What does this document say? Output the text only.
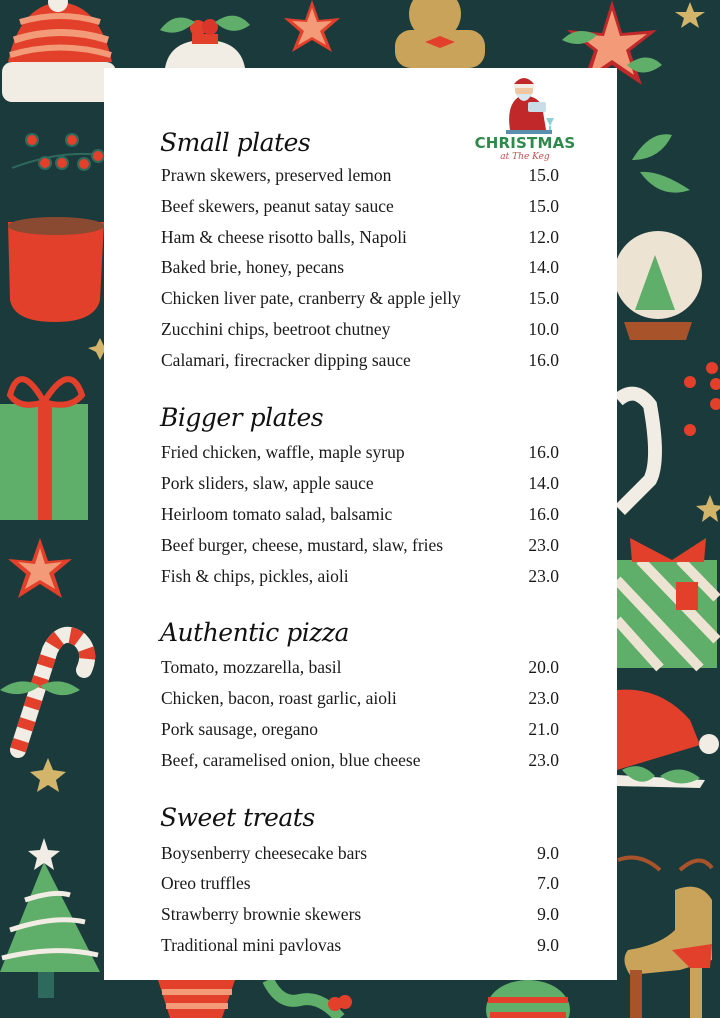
CHRISTMAS
at The Keg
Small plates
Prawn skewers, preserved lemon	15.0
Beef skewers, peanut satay sauce	15.0
Ham & cheese risotto balls, Napoli	12.0
Baked brie, honey, pecans	14.0
Chicken liver pate, cranberry & apple jelly	15.0
Zucchini chips, beetroot chutney	10.0
Calamari, firecracker dipping sauce	16.0
Bigger plates
Fried chicken, waffle, maple syrup	16.0
Pork sliders, slaw, apple sauce	14.0
Heirloom tomato salad, balsamic	16.0
Beef burger, cheese, mustard, slaw, fries	23.0
Fish & chips, pickles, aioli	23.0
Authentic pizza
Tomato, mozzarella, basil	20.0
Chicken, bacon, roast garlic, aioli	23.0
Pork sausage, oregano	21.0
Beef, caramelised onion, blue cheese	23.0
Sweet treats
Boysenberry cheesecake bars	9.0
Oreo truffles	7.0
Strawberry brownie skewers	9.0
Traditional mini pavlovas	9.0
